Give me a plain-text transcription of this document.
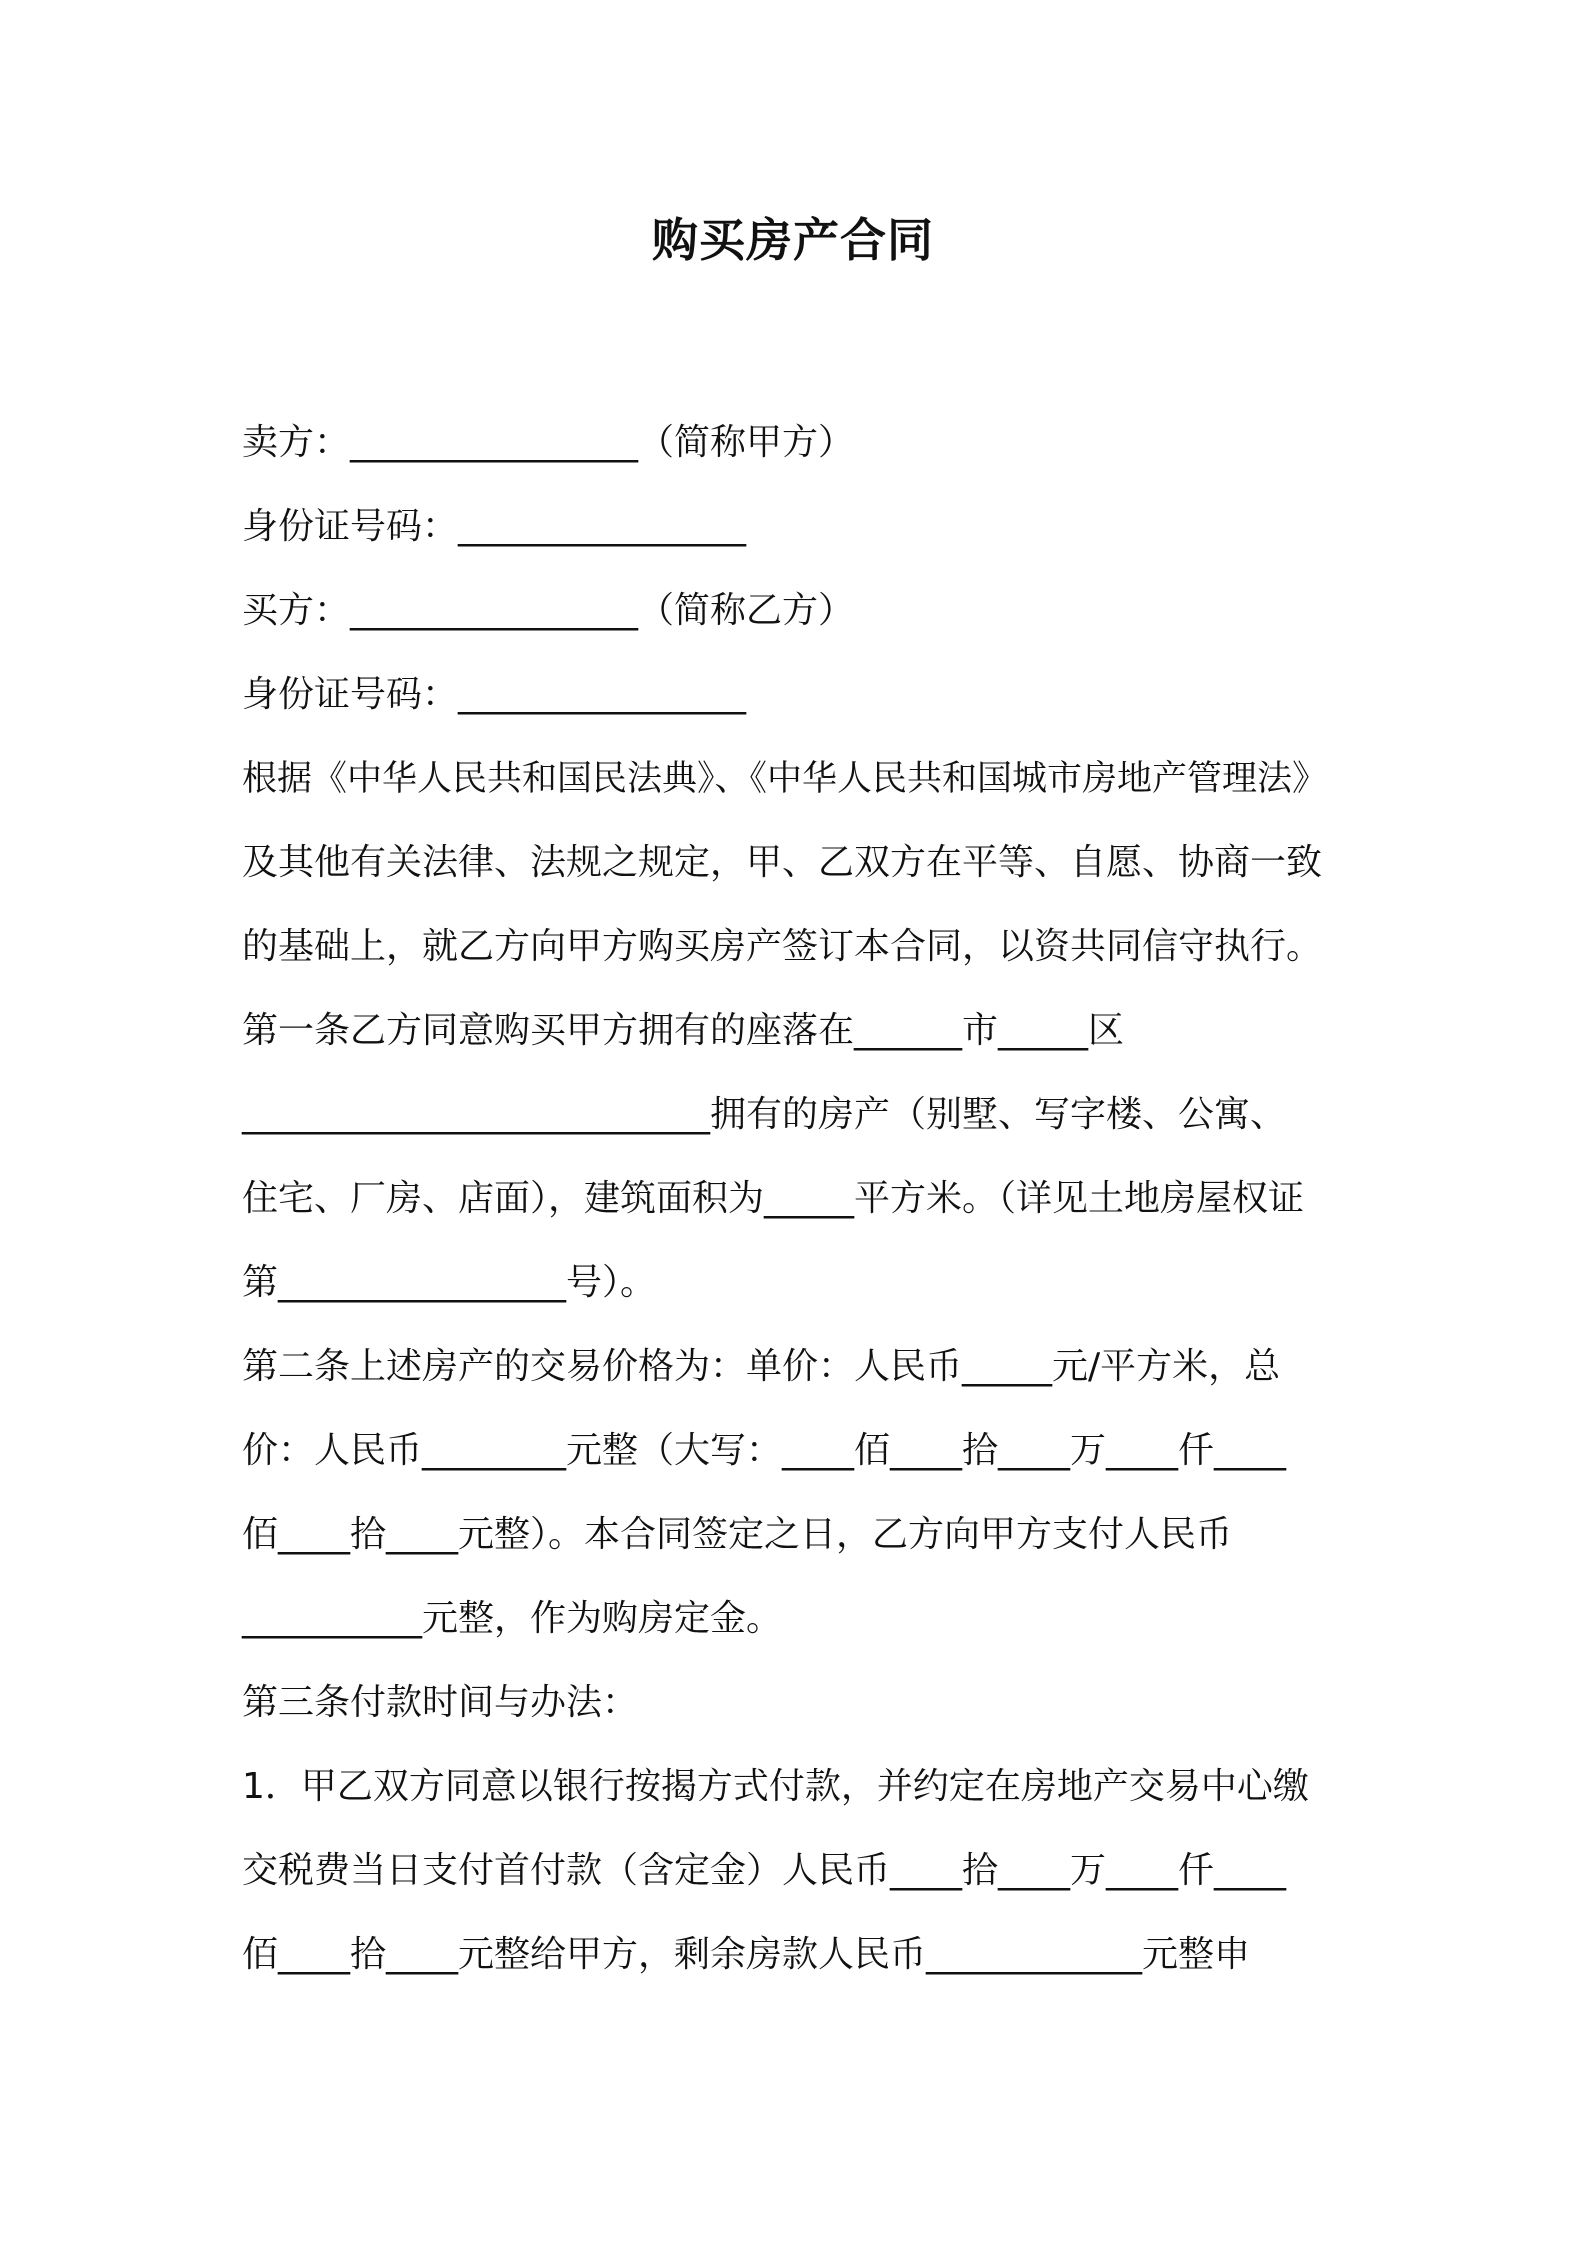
购买房产合同
卖方：________________（简称甲方）
身份证号码：________________
买方：________________（简称乙方）
身份证号码：________________
根据《中华人民共和国民法典》、《中华人民共和国城市房地产管理法》
及其他有关法律、法规之规定，甲、乙双方在平等、自愿、协商一致
的基础上，就乙方向甲方购买房产签订本合同，以资共同信守执行。
第一条乙方同意购买甲方拥有的座落在______市_____区
__________________________拥有的房产（别墅、写字楼、公寓、
住宅、厂房、店面），建筑面积为_____平方米。（详见土地房屋权证
第________________号）。
第二条上述房产的交易价格为：单价：人民币_____元/平方米，总
价：人民币________元整（大写：____佰____拾____万____仟____
佰____拾____元整）。本合同签定之日，乙方向甲方支付人民币
__________元整，作为购房定金。
第三条付款时间与办法：
1．甲乙双方同意以银行按揭方式付款，并约定在房地产交易中心缴
交税费当日支付首付款（含定金）人民币____拾____万____仟____
佰____拾____元整给甲方，剩余房款人民币____________元整申
